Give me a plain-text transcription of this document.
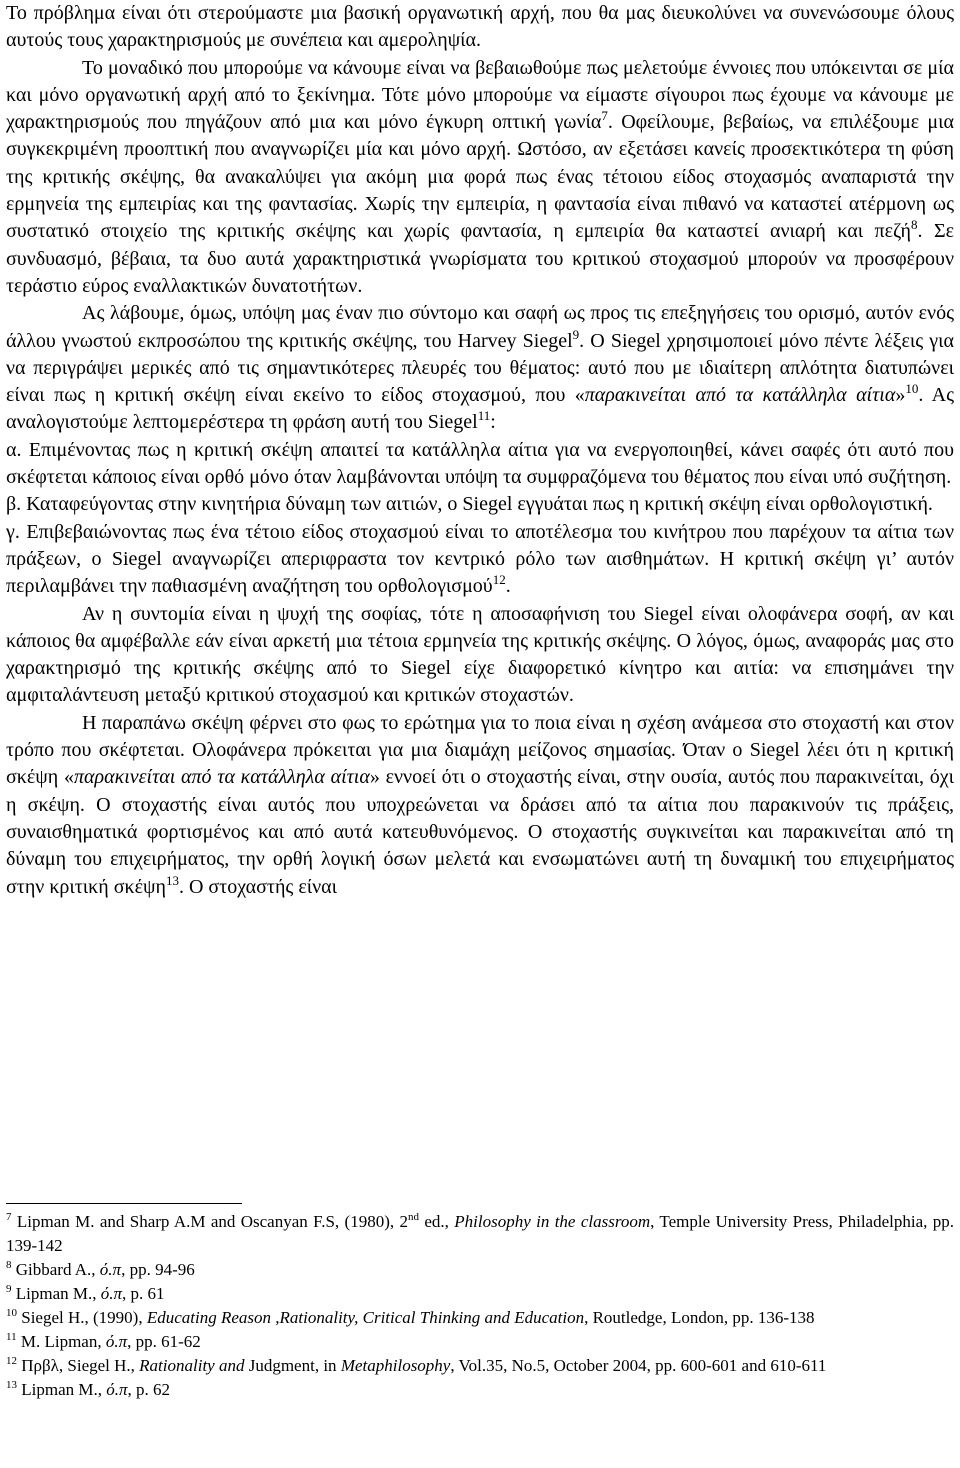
Το πρόβλημα είναι ότι στερούμαστε μια βασική οργανωτική αρχή, που θα μας διευκολύνει να συνενώσουμε όλους αυτούς τους χαρακτηρισμούς με συνέπεια και αμεροληψία.

Το μοναδικό που μπορούμε να κάνουμε είναι να βεβαιωθούμε πως μελετούμε έννοιες που υπόκεινται σε μία και μόνο οργανωτική αρχή από το ξεκίνημα. Τότε μόνο μπορούμε να είμαστε σίγουροι πως έχουμε να κάνουμε με χαρακτηρισμούς που πηγάζουν από μια και μόνο έγκυρη οπτική γωνία$^7$. Οφείλουμε, βεβαίως, να επιλέξουμε μια συγκεκριμένη προοπτική που αναγνωρίζει μία και μόνο αρχή. Ωστόσο, αν εξετάσει κανείς προσεκτικότερα τη φύση της κριτικής σκέψης, θα ανακαλύψει για ακόμη μια φορά πως ένας τέτοιου είδος στοχασμός αναπαριστά την ερμηνεία της εμπειρίας και της φαντασίας. Χωρίς την εμπειρία, η φαντασία είναι πιθανό να καταστεί ατέρμονη ως συστατικό στοιχείο της κριτικής σκέψης και χωρίς φαντασία, η εμπειρία θα καταστεί ανιαρή και πεζή$^8$. Σε συνδυασμό, βέβαια, τα δυο αυτά χαρακτηριστικά γνωρίσματα του κριτικού στοχασμού μπορούν να προσφέρουν τεράστιο εύρος εναλλακτικών δυνατοτήτων.

Ας λάβουμε, όμως, υπόψη μας έναν πιο σύντομο και σαφή ως προς τις επεξηγήσεις του ορισμό, αυτόν ενός άλλου γνωστού εκπροσώπου της κριτικής σκέψης, του Harvey Siegel$^9$. O Siegel χρησιμοποιεί μόνο πέντε λέξεις για να περιγράψει μερικές από τις σημαντικότερες πλευρές του θέματος: αυτό που με ιδιαίτερη απλότητα διατυπώνει είναι πως η κριτική σκέψη είναι εκείνο το είδος στοχασμού, που «παρακινείται από τα κατάλληλα αίτια»$^{10}$. Ας αναλογιστούμε λεπτομερέστερα τη φράση αυτή του Siegel$^{11}$:

α. Επιμένοντας πως η κριτική σκέψη απαιτεί τα κατάλληλα αίτια για να ενεργοποιηθεί, κάνει σαφές ότι αυτό που σκέφτεται κάποιος είναι ορθό μόνο όταν λαμβάνονται υπόψη τα συμφραζόμενα του θέματος που είναι υπό συζήτηση.

β. Καταφεύγοντας στην κινητήρια δύναμη των αιτιών, ο Siegel εγγυάται πως η κριτική σκέψη είναι ορθολογιστική.

γ. Επιβεβαιώνοντας πως ένα τέτοιο είδος στοχασμού είναι το αποτέλεσμα του κινήτρου που παρέχουν τα αίτια των πράξεων, ο Siegel αναγνωρίζει απεριφραστα τον κεντρικό ρόλο των αισθημάτων. Η κριτική σκέψη γι’ αυτόν περιλαμβάνει την παθιασμένη αναζήτηση του ορθολογισμού$^{12}$.

Αν η συντομία είναι η ψυχή της σοφίας, τότε η αποσαφήνιση του Siegel είναι ολοφάνερα σοφή, αν και κάποιος θα αμφέβαλλε εάν είναι αρκετή μια τέτοια ερμηνεία της κριτικής σκέψης. Ο λόγος, όμως, αναφοράς μας στο χαρακτηρισμό της κριτικής σκέψης από το Siegel είχε διαφορετικό κίνητρο και αιτία: να επισημάνει την αμφιταλάντευση μεταξύ κριτικού στοχασμού και κριτικών στοχαστών.

Η παραπάνω σκέψη φέρνει στο φως το ερώτημα για το ποια είναι η σχέση ανάμεσα στο στοχαστή και στον τρόπο που σκέφτεται. Ολοφάνερα πρόκειται για μια διαμάχη μείζονος σημασίας. Όταν ο Siegel λέει ότι η κριτική σκέψη «παρακινείται από τα κατάλληλα αίτια» εννοεί ότι ο στοχαστής είναι, στην ουσία, αυτός που παρακινείται, όχι η σκέψη. Ο στοχαστής είναι αυτός που υποχρεώνεται να δράσει από τα αίτια που παρακινούν τις πράξεις, συναισθηματικά φορτισμένος και από αυτά κατευθυνόμενος. Ο στοχαστής συγκινείται και παρακινείται από τη δύναμη του επιχειρήματος, την ορθή λογική όσων μελετά και ενσωματώνει αυτή τη δυναμική του επιχειρήματος στην κριτική σκέψη$^{13}$. Ο στοχαστής είναι

$^7$ Lipman M. and Sharp A.M and Oscanyan F.S, (1980), 2nd ed., Philosophy in the classroom, Temple University Press, Philadelphia, pp. 139-142

$^8$ Gibbard A., ό.π, pp. 94-96

$^9$ Lipman M., ό.π, p. 61

$^{10}$ Siegel H., (1990), Educating Reason ,Rationality, Critical Thinking and Education, Routledge, London, pp. 136-138

$^{11}$ M. Lipman, ό.π, pp. 61-62

$^{12}$ Πρβλ, Siegel H., Rationality and Judgment, in Metaphilosophy, Vol.35, No.5, October 2004, pp. 600-601 and 610-611

$^{13}$ Lipman M., ό.π, p. 62
